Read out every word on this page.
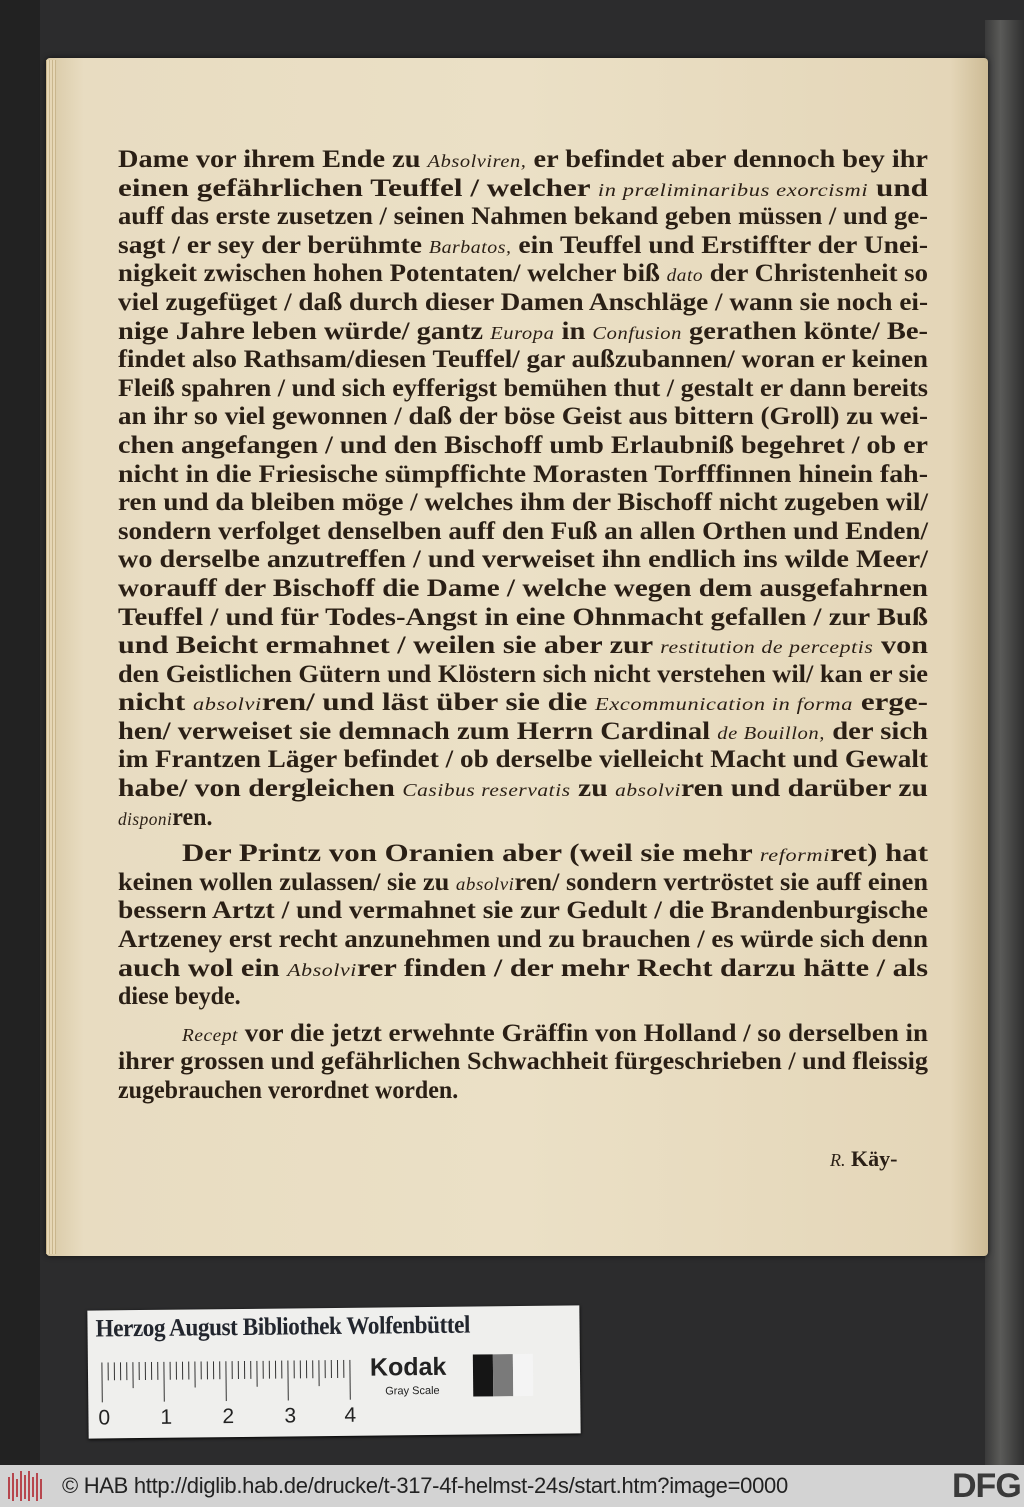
Dame vor ihrem Ende zu Absolviren, er befindet aber dennoch bey ihr
einen gefährlichen Teuffel / welcher in præliminaribus exorcismi und
auff das erste zusetzen / seinen Nahmen bekand geben müssen / und ge-
sagt / er sey der berühmte Barbatos, ein Teuffel und Erstiffter der Unei-
nigkeit zwischen hohen Potentaten/ welcher biß dato der Christenheit so
viel zugefüget / daß durch dieser Damen Anschläge / wann sie noch ei-
nige Jahre leben würde/ gantz Europa in Confusion gerathen könte/ Be-
findet also Rathsam/diesen Teuffel/ gar außzubannen/ woran er keinen
Fleiß spahren / und sich eyfferigst bemühen thut / gestalt er dann bereits
an ihr so viel gewonnen / daß der böse Geist aus bittern (Groll) zu wei-
chen angefangen / und den Bischoff umb Erlaubniß begehret / ob er
nicht in die Friesische sümpffichte Morasten Torfffinnen hinein fah-
ren und da bleiben möge / welches ihm der Bischoff nicht zugeben wil/
sondern verfolget denselben auff den Fuß an allen Orthen und Enden/
wo derselbe anzutreffen / und verweiset ihn endlich ins wilde Meer/
worauff der Bischoff die Dame / welche wegen dem ausgefahrnen
Teuffel / und für Todes-Angst in eine Ohnmacht gefallen / zur Buß
und Beicht ermahnet / weilen sie aber zur restitution de perceptis von
den Geistlichen Gütern und Klöstern sich nicht verstehen wil/ kan er sie
nicht absolviren/ und läst über sie die Excommunication in forma erge-
hen/ verweiset sie demnach zum Herrn Cardinal de Bouillon, der sich
im Frantzen Läger befindet / ob derselbe vielleicht Macht und Gewalt
habe/ von dergleichen Casibus reservatis zu absolviren und darüber zu
disponiren.
Der Printz von Oranien aber (weil sie mehr reformiret) hat
keinen wollen zulassen/ sie zu absolviren/ sondern vertröstet sie auff einen
bessern Artzt / und vermahnet sie zur Gedult / die Brandenburgische
Artzeney erst recht anzunehmen und zu brauchen / es würde sich denn
auch wol ein Absolvirer finden / der mehr Recht darzu hätte / als
diese beyde.
Recept vor die jetzt erwehnte Gräffin von Holland / so derselben in
ihrer grossen und gefährlichen Schwachheit fürgeschrieben / und fleissig
zugebrauchen verordnet worden.
R. Käy-
Herzog August Bibliothek Wolfenbüttel
0 1 2 3 4
Kodak
Gray Scale
© HAB http://diglib.hab.de/drucke/t-317-4f-helmst-24s/start.htm?image=0000	DFG
